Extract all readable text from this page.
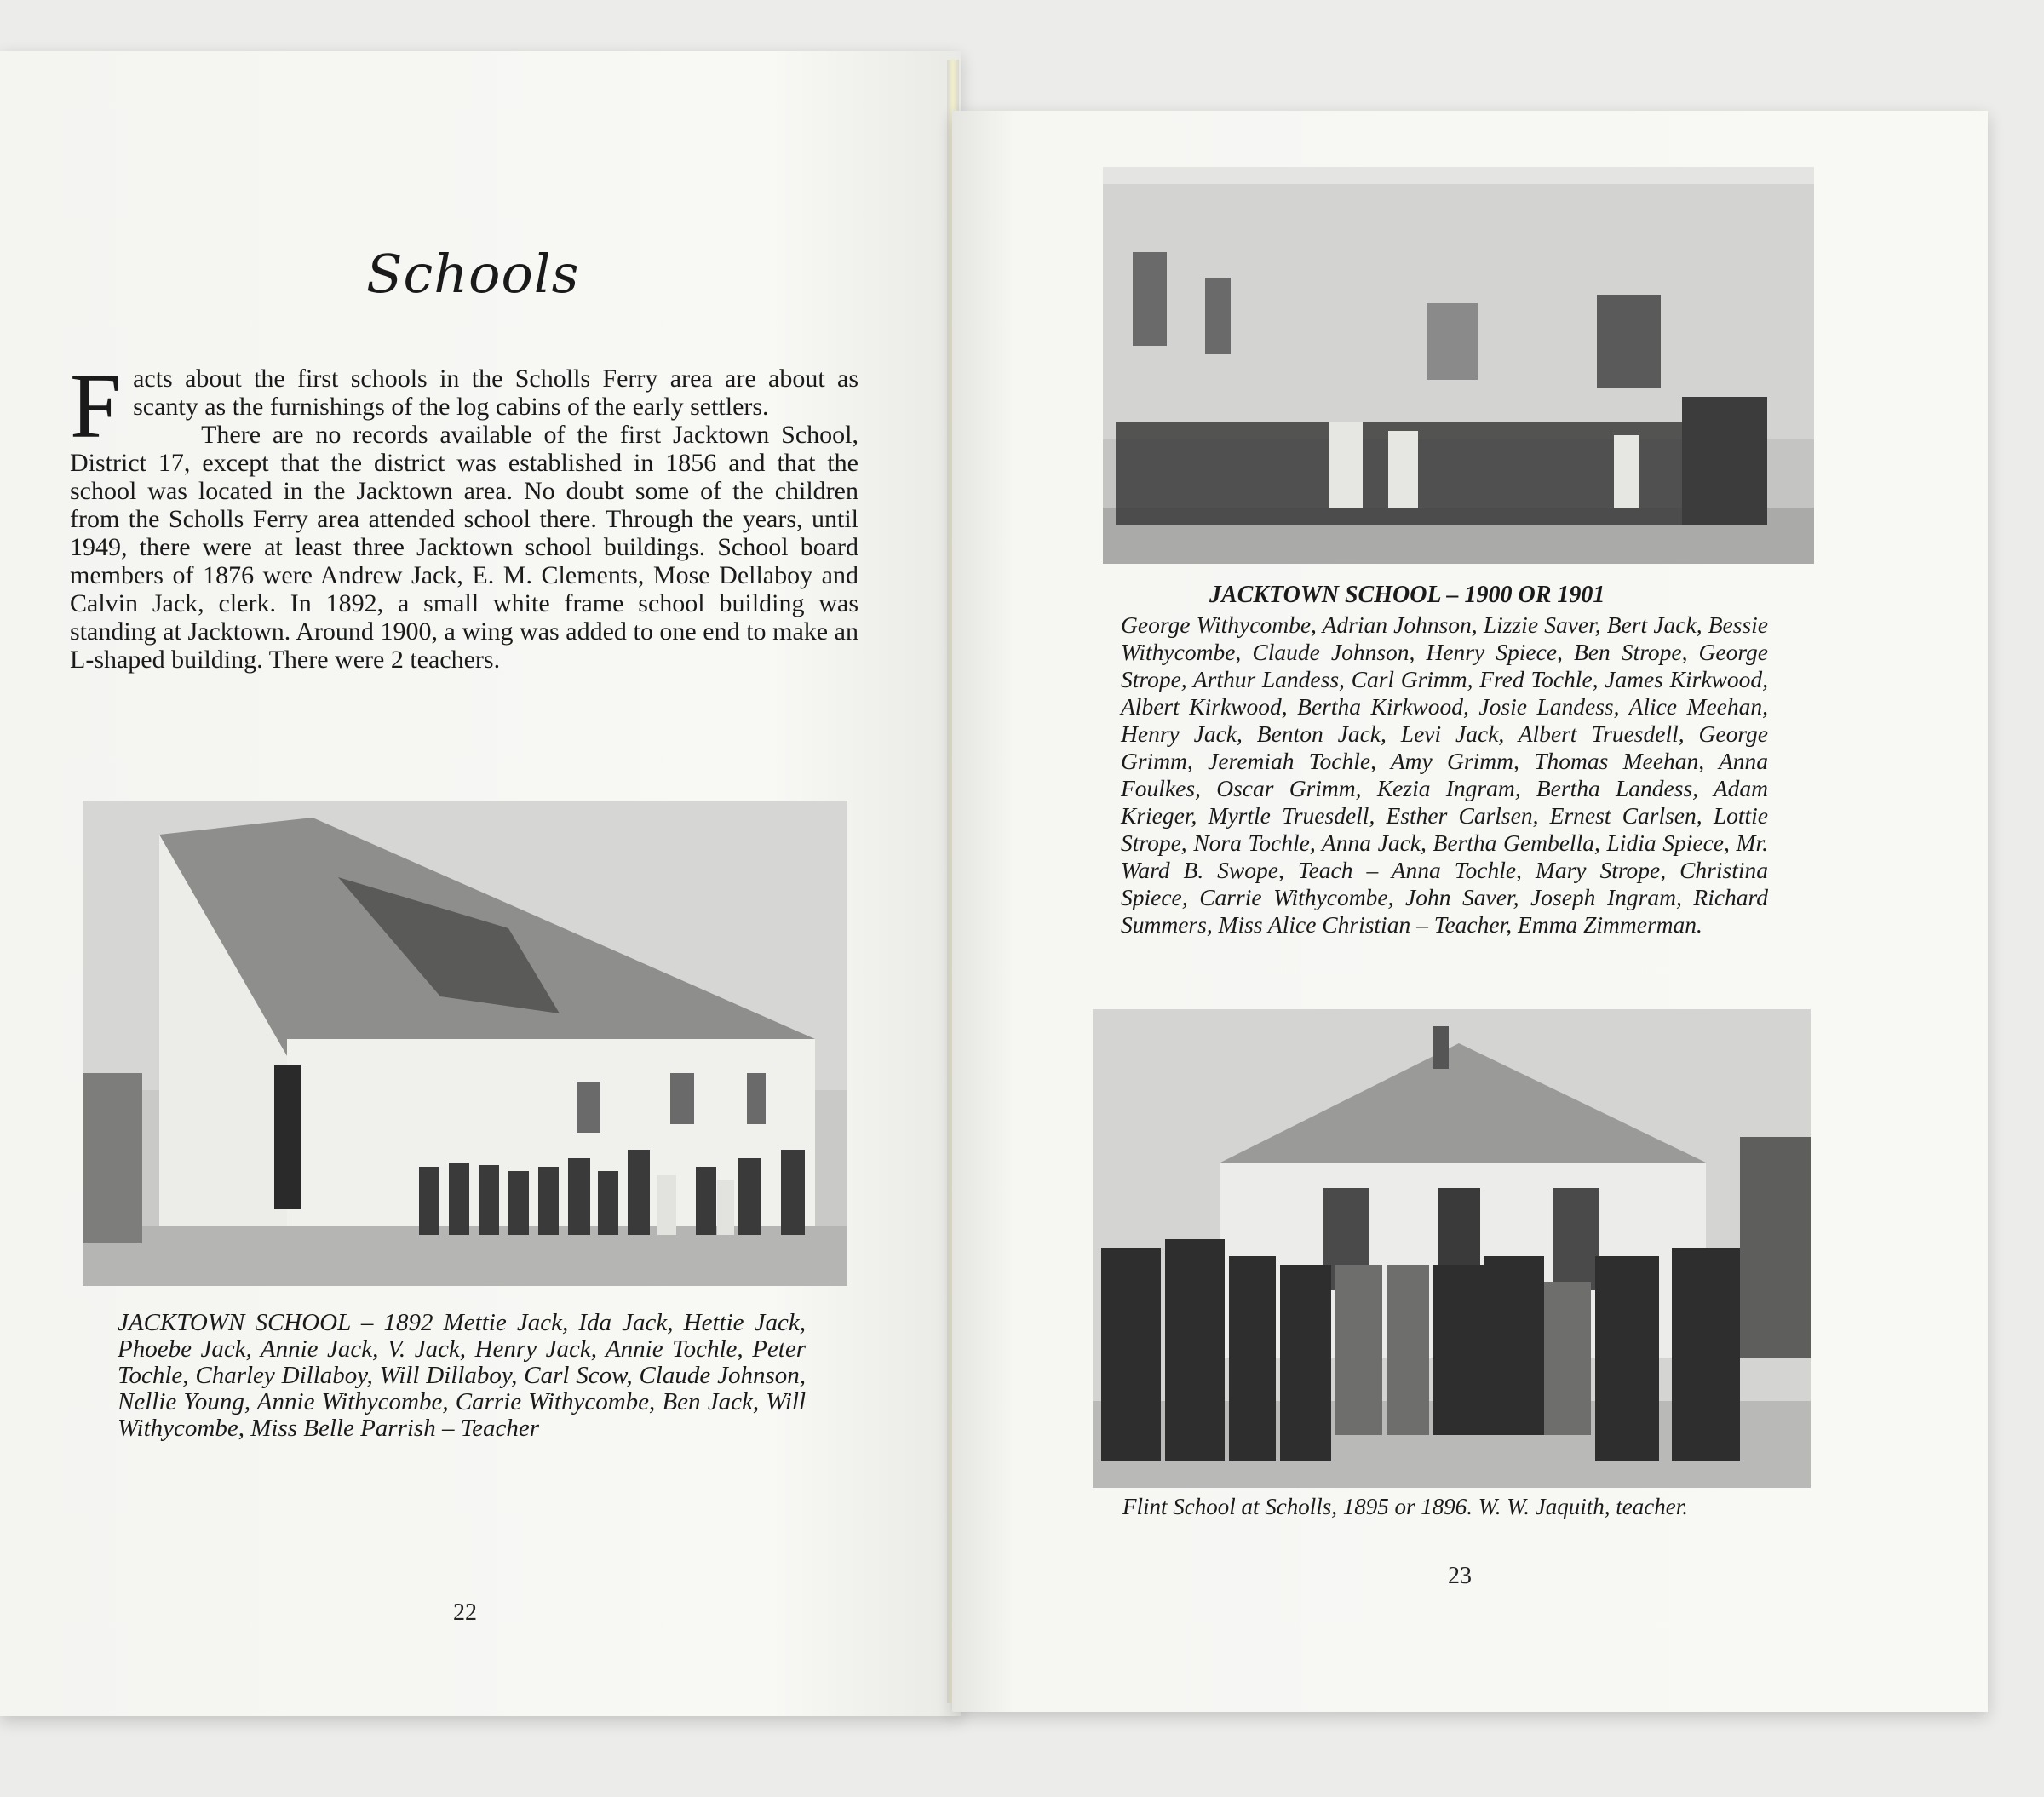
Schools

Facts about the first schools in the Scholls Ferry area are about as scanty as the furnishings of the log cabins of the early settlers.

There are no records available of the first Jacktown School, District 17, except that the district was established in 1856 and that the school was located in the Jacktown area. No doubt some of the children from the Scholls Ferry area attended school there. Through the years, until 1949, there were at least three Jacktown school buildings. School board members of 1876 were Andrew Jack, E. M. Clements, Mose Dellaboy and Calvin Jack, clerk. In 1892, a small white frame school building was standing at Jacktown. Around 1900, a wing was added to one end to make an L-shaped building. There were 2 teachers.

JACKTOWN SCHOOL – 1892 Mettie Jack, Ida Jack, Hettie Jack, Phoebe Jack, Annie Jack, V. Jack, Henry Jack, Annie Tochle, Peter Tochle, Charley Dillaboy, Will Dillaboy, Carl Scow, Claude Johnson, Nellie Young, Annie Withycombe, Carrie Withycombe, Ben Jack, Will Withycombe, Miss Belle Parrish – Teacher
22
JACKTOWN SCHOOL – 1900 OR 1901
George Withycombe, Adrian Johnson, Lizzie Saver, Bert Jack, Bessie Withycombe, Claude Johnson, Henry Spiece, Ben Strope, George Strope, Arthur Landess, Carl Grimm, Fred Tochle, James Kirkwood, Albert Kirkwood, Bertha Kirkwood, Josie Landess, Alice Meehan, Henry Jack, Benton Jack, Levi Jack, Albert Truesdell, George Grimm, Jeremiah Tochle, Amy Grimm, Thomas Meehan, Anna Foulkes, Oscar Grimm, Kezia Ingram, Bertha Landess, Adam Krieger, Myrtle Truesdell, Esther Carlsen, Ernest Carlsen, Lottie Strope, Nora Tochle, Anna Jack, Bertha Gembella, Lidia Spiece, Mr. Ward B. Swope, Teach – Anna Tochle, Mary Strope, Christina Spiece, Carrie Withycombe, John Saver, Joseph Ingram, Richard Summers, Miss Alice Christian – Teacher, Emma Zimmerman.
Flint School at Scholls, 1895 or 1896. W. W. Jaquith, teacher.
23
